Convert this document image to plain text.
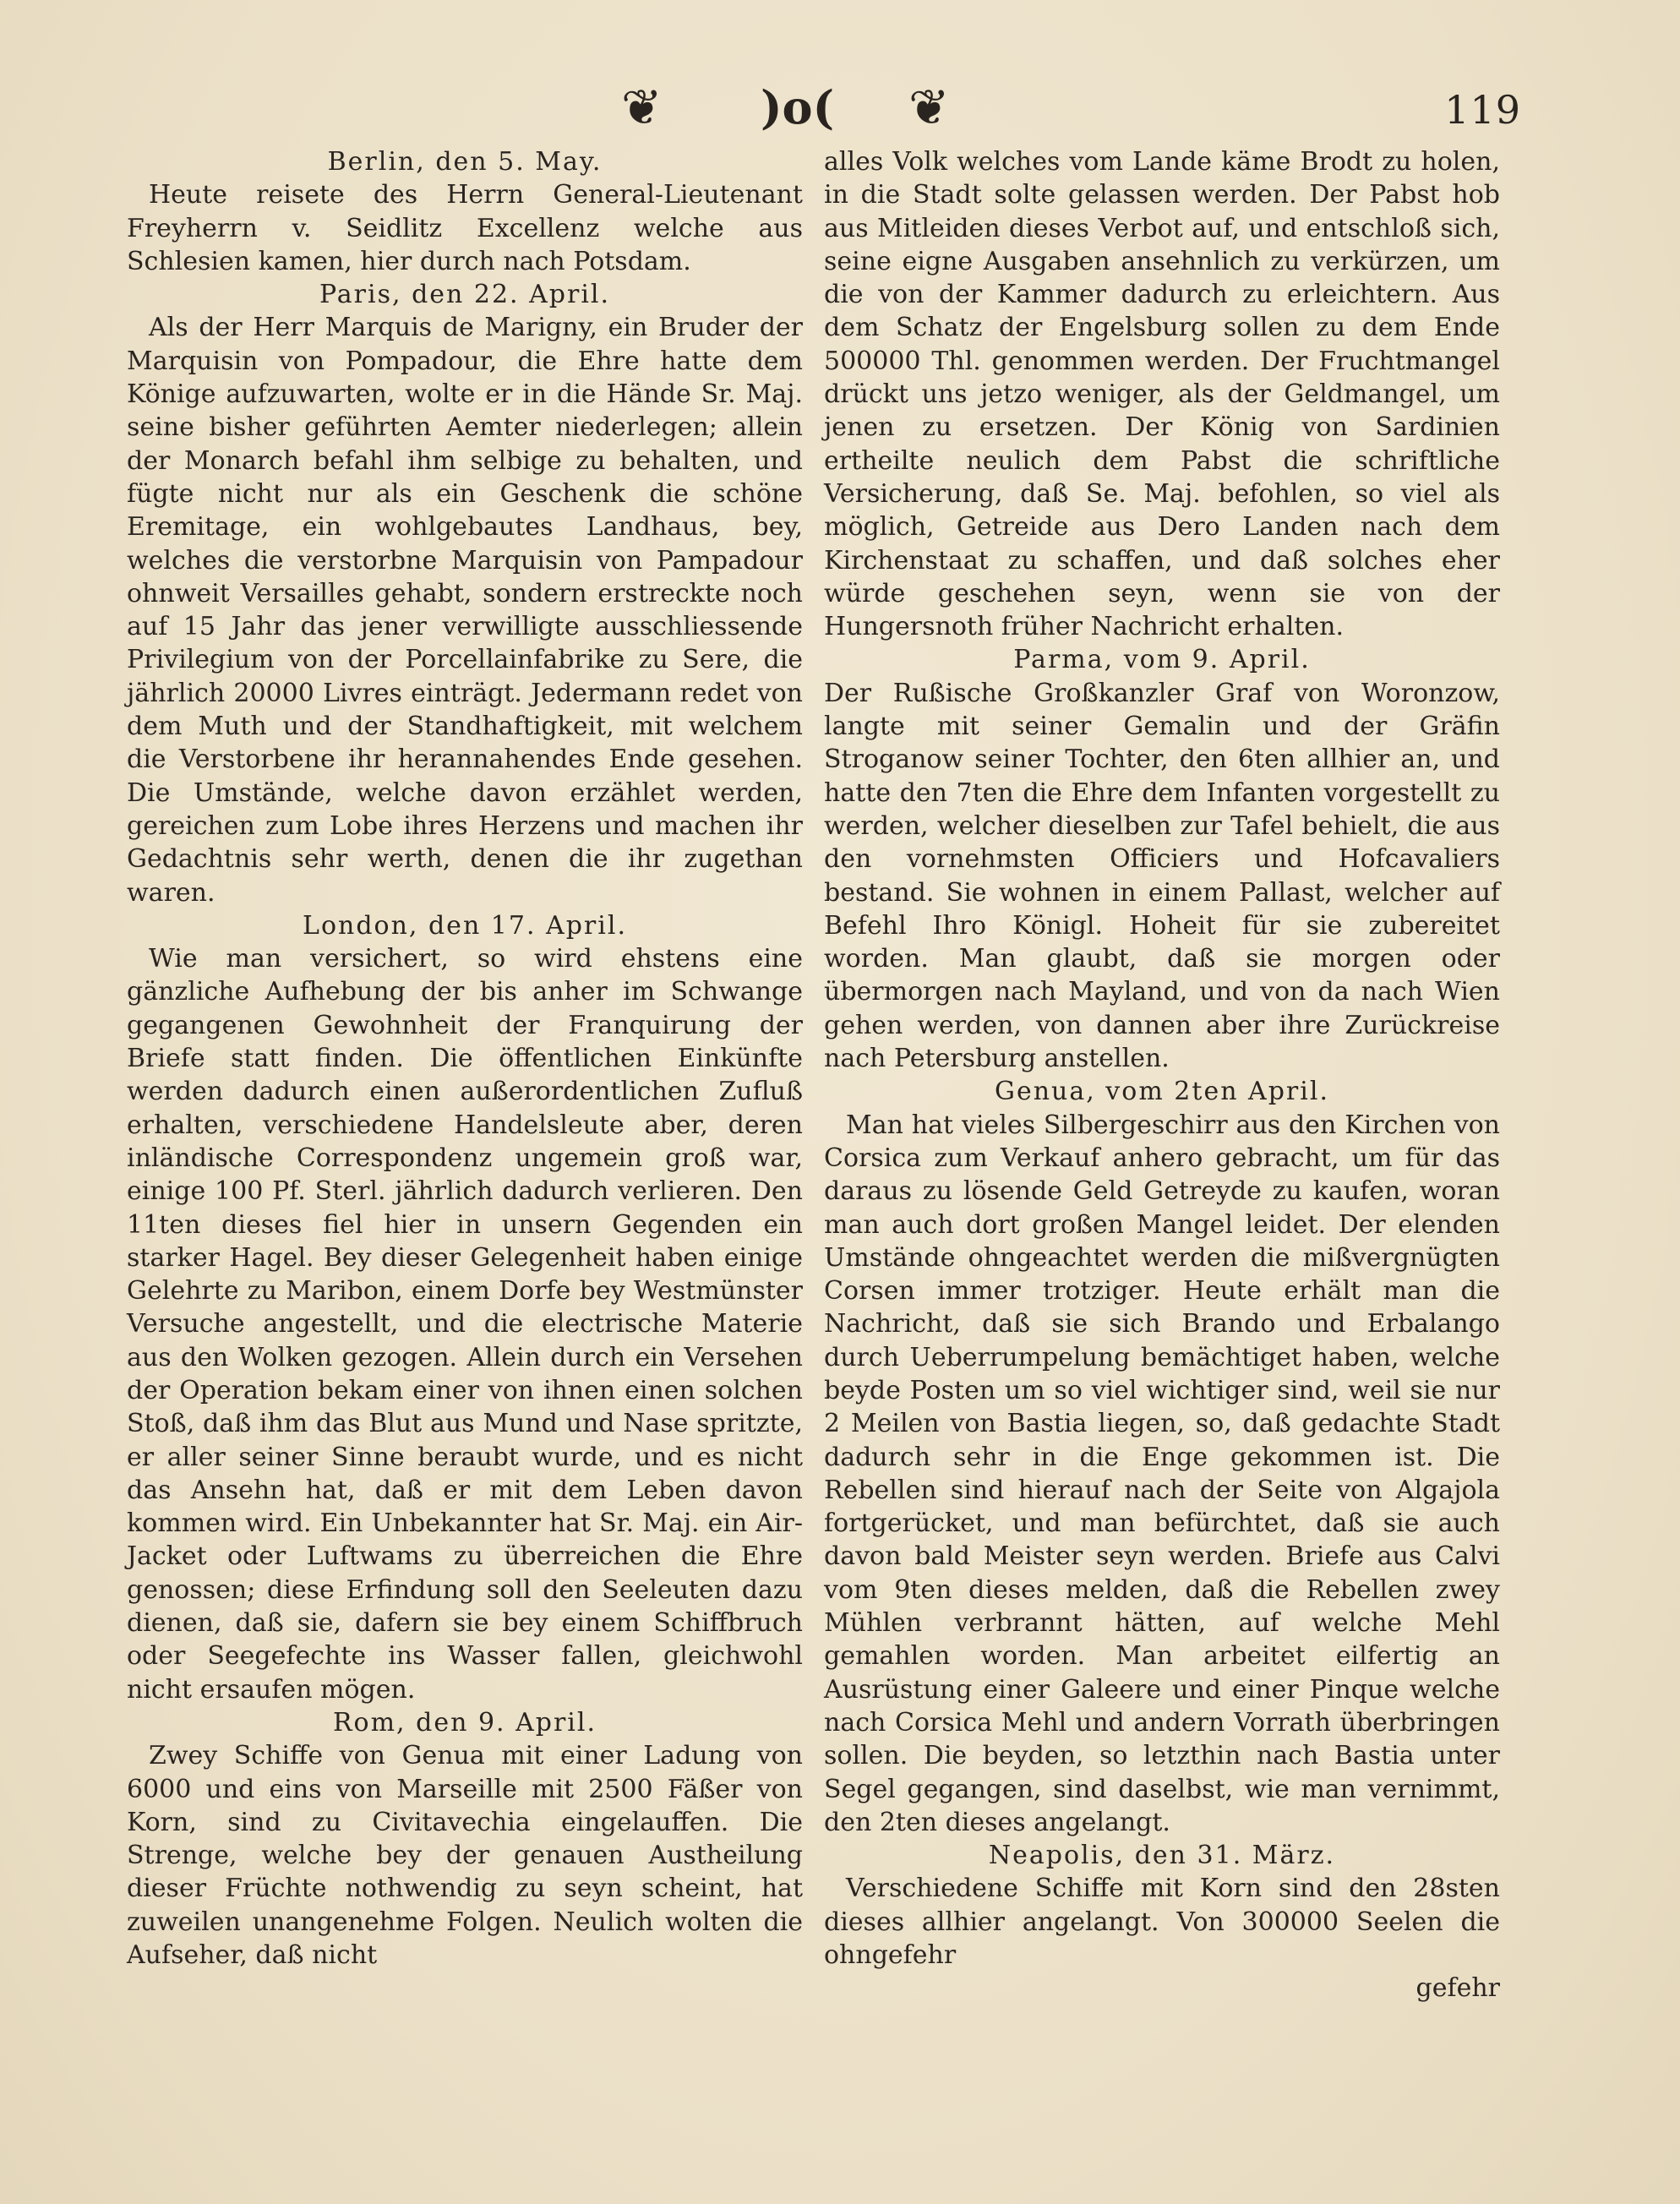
❦ )o( ❦	119

Berlin, den 5. May.

Heute reisete des Herrn General-Lieutenant Freyherrn v. Seidlitz Excellenz welche aus Schlesien kamen, hier durch nach Potsdam.

Paris, den 22. April.

Als der Herr Marquis de Marigny, ein Bruder der Marquisin von Pompadour, die Ehre hatte dem Könige aufzuwarten, wolte er in die Hände Sr. Maj. seine bisher geführten Aemter niederlegen; allein der Monarch befahl ihm selbige zu behalten, und fügte nicht nur als ein Geschenk die schöne Eremitage, ein wohlgebautes Landhaus, bey, welches die verstorbne Marquisin von Pampadour ohnweit Versailles gehabt, sondern erstreckte noch auf 15 Jahr das jener verwilligte ausschliessende Privilegium von der Porcellainfabrike zu Sere, die jährlich 20000 Livres einträgt. Jedermann redet von dem Muth und der Standhaftigkeit, mit welchem die Verstorbene ihr herannahendes Ende gesehen. Die Umstände, welche davon erzählet werden, gereichen zum Lobe ihres Herzens und machen ihr Gedachtnis sehr werth, denen die ihr zugethan waren.

London, den 17. April.

Wie man versichert, so wird ehstens eine gänzliche Aufhebung der bis anher im Schwange gegangenen Gewohnheit der Franquirung der Briefe statt finden. Die öffentlichen Einkünfte werden dadurch einen außerordentlichen Zufluß erhalten, verschiedene Handelsleute aber, deren inländische Correspondenz ungemein groß war, einige 100 Pf. Sterl. jährlich dadurch verlieren. Den 11ten dieses fiel hier in unsern Gegenden ein starker Hagel. Bey dieser Gelegenheit haben einige Gelehrte zu Maribon, einem Dorfe bey Westmünster Versuche angestellt, und die electrische Materie aus den Wolken gezogen. Allein durch ein Versehen der Operation bekam einer von ihnen einen solchen Stoß, daß ihm das Blut aus Mund und Nase spritzte, er aller seiner Sinne beraubt wurde, und es nicht das Ansehn hat, daß er mit dem Leben davon kommen wird. Ein Unbekannter hat Sr. Maj. ein Air-Jacket oder Luftwams zu überreichen die Ehre genossen; diese Erfindung soll den Seeleuten dazu dienen, daß sie, dafern sie bey einem Schiffbruch oder Seegefechte ins Wasser fallen, gleichwohl nicht ersaufen mögen.

Rom, den 9. April.

Zwey Schiffe von Genua mit einer Ladung von 6000 und eins von Marseille mit 2500 Fäßer von Korn, sind zu Civitavechia eingelauffen. Die Strenge, welche bey der genauen Austheilung dieser Früchte nothwendig zu seyn scheint, hat zuweilen unangenehme Folgen. Neulich wolten die Aufseher, daß nicht

alles Volk welches vom Lande käme Brodt zu holen, in die Stadt solte gelassen werden. Der Pabst hob aus Mitleiden dieses Verbot auf, und entschloß sich, seine eigne Ausgaben ansehnlich zu verkürzen, um die von der Kammer dadurch zu erleichtern. Aus dem Schatz der Engelsburg sollen zu dem Ende 500000 Thl. genommen werden. Der Fruchtmangel drückt uns jetzo weniger, als der Geldmangel, um jenen zu ersetzen. Der König von Sardinien ertheilte neulich dem Pabst die schriftliche Versicherung, daß Se. Maj. befohlen, so viel als möglich, Getreide aus Dero Landen nach dem Kirchenstaat zu schaffen, und daß solches eher würde geschehen seyn, wenn sie von der Hungersnoth früher Nachricht erhalten.

Parma, vom 9. April.

Der Rußische Großkanzler Graf von Woronzow, langte mit seiner Gemalin und der Gräfin Stroganow seiner Tochter, den 6ten allhier an, und hatte den 7ten die Ehre dem Infanten vorgestellt zu werden, welcher dieselben zur Tafel behielt, die aus den vornehmsten Officiers und Hofcavaliers bestand. Sie wohnen in einem Pallast, welcher auf Befehl Ihro Königl. Hoheit für sie zubereitet worden. Man glaubt, daß sie morgen oder übermorgen nach Mayland, und von da nach Wien gehen werden, von dannen aber ihre Zurückreise nach Petersburg anstellen.

Genua, vom 2ten April.

Man hat vieles Silbergeschirr aus den Kirchen von Corsica zum Verkauf anhero gebracht, um für das daraus zu lösende Geld Getreyde zu kaufen, woran man auch dort großen Mangel leidet. Der elenden Umstände ohngeachtet werden die mißvergnügten Corsen immer trotziger. Heute erhält man die Nachricht, daß sie sich Brando und Erbalango durch Ueberrumpelung bemächtiget haben, welche beyde Posten um so viel wichtiger sind, weil sie nur 2 Meilen von Bastia liegen, so, daß gedachte Stadt dadurch sehr in die Enge gekommen ist. Die Rebellen sind hierauf nach der Seite von Algajola fortgerücket, und man befürchtet, daß sie auch davon bald Meister seyn werden. Briefe aus Calvi vom 9ten dieses melden, daß die Rebellen zwey Mühlen verbrannt hätten, auf welche Mehl gemahlen worden. Man arbeitet eilfertig an Ausrüstung einer Galeere und einer Pinque welche nach Corsica Mehl und andern Vorrath überbringen sollen. Die beyden, so letzthin nach Bastia unter Segel gegangen, sind daselbst, wie man vernimmt, den 2ten dieses angelangt.

Neapolis, den 31. März.

Verschiedene Schiffe mit Korn sind den 28sten dieses allhier angelangt. Von 300000 Seelen die ohngefehr

gefehr
